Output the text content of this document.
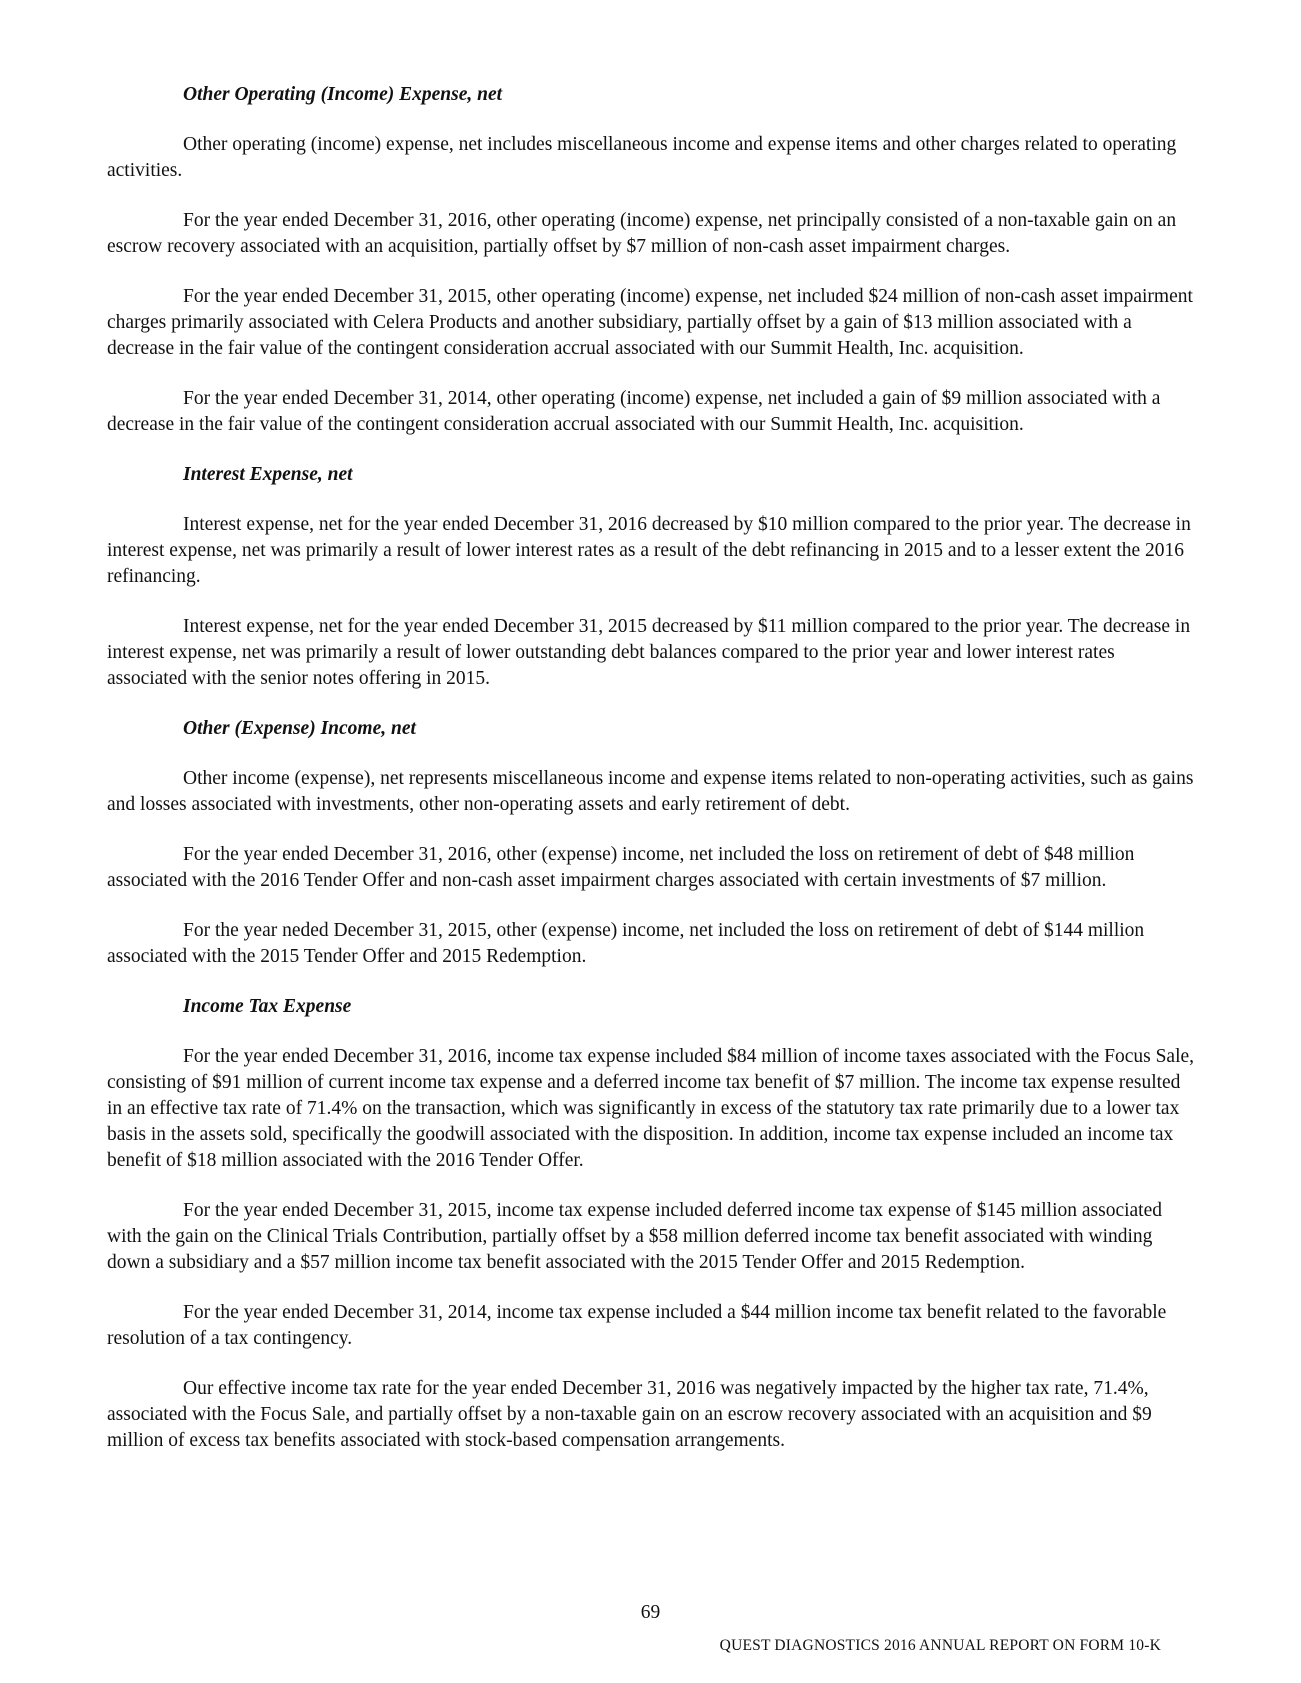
Other Operating (Income) Expense, net

Other operating (income) expense, net includes miscellaneous income and expense items and other charges related to operating activities.

For the year ended December 31, 2016, other operating (income) expense, net principally consisted of a non-taxable gain on an escrow recovery associated with an acquisition, partially offset by $7 million of non-cash asset impairment charges.

For the year ended December 31, 2015, other operating (income) expense, net included $24 million of non-cash asset impairment charges primarily associated with Celera Products and another subsidiary, partially offset by a gain of $13 million associated with a decrease in the fair value of the contingent consideration accrual associated with our Summit Health, Inc. acquisition.

For the year ended December 31, 2014, other operating (income) expense, net included a gain of $9 million associated with a decrease in the fair value of the contingent consideration accrual associated with our Summit Health, Inc. acquisition.

Interest Expense, net

Interest expense, net for the year ended December 31, 2016 decreased by $10 million compared to the prior year. The decrease in interest expense, net was primarily a result of lower interest rates as a result of the debt refinancing in 2015 and to a lesser extent the 2016 refinancing.

Interest expense, net for the year ended December 31, 2015 decreased by $11 million compared to the prior year. The decrease in interest expense, net was primarily a result of lower outstanding debt balances compared to the prior year and lower interest rates associated with the senior notes offering in 2015.

Other (Expense) Income, net

Other income (expense), net represents miscellaneous income and expense items related to non-operating activities, such as gains and losses associated with investments, other non-operating assets and early retirement of debt.

For the year ended December 31, 2016, other (expense) income, net included the loss on retirement of debt of $48 million associated with the 2016 Tender Offer and non-cash asset impairment charges associated with certain investments of $7 million.

For the year neded December 31, 2015, other (expense) income, net included the loss on retirement of debt of $144 million associated with the 2015 Tender Offer and 2015 Redemption.

Income Tax Expense

For the year ended December 31, 2016, income tax expense included $84 million of income taxes associated with the Focus Sale, consisting of $91 million of current income tax expense and a deferred income tax benefit of $7 million. The income tax expense resulted in an effective tax rate of 71.4% on the transaction, which was significantly in excess of the statutory tax rate primarily due to a lower tax basis in the assets sold, specifically the goodwill associated with the disposition. In addition, income tax expense included an income tax benefit of $18 million associated with the 2016 Tender Offer.

For the year ended December 31, 2015, income tax expense included deferred income tax expense of $145 million associated with the gain on the Clinical Trials Contribution, partially offset by a $58 million deferred income tax benefit associated with winding down a subsidiary and a $57 million income tax benefit associated with the 2015 Tender Offer and 2015 Redemption.

For the year ended December 31, 2014, income tax expense included a $44 million income tax benefit related to the favorable resolution of a tax contingency.

Our effective income tax rate for the year ended December 31, 2016 was negatively impacted by the higher tax rate, 71.4%, associated with the Focus Sale, and partially offset by a non-taxable gain on an escrow recovery associated with an acquisition and $9 million of excess tax benefits associated with stock-based compensation arrangements.

69
QUEST DIAGNOSTICS 2016 ANNUAL REPORT ON FORM 10-K
